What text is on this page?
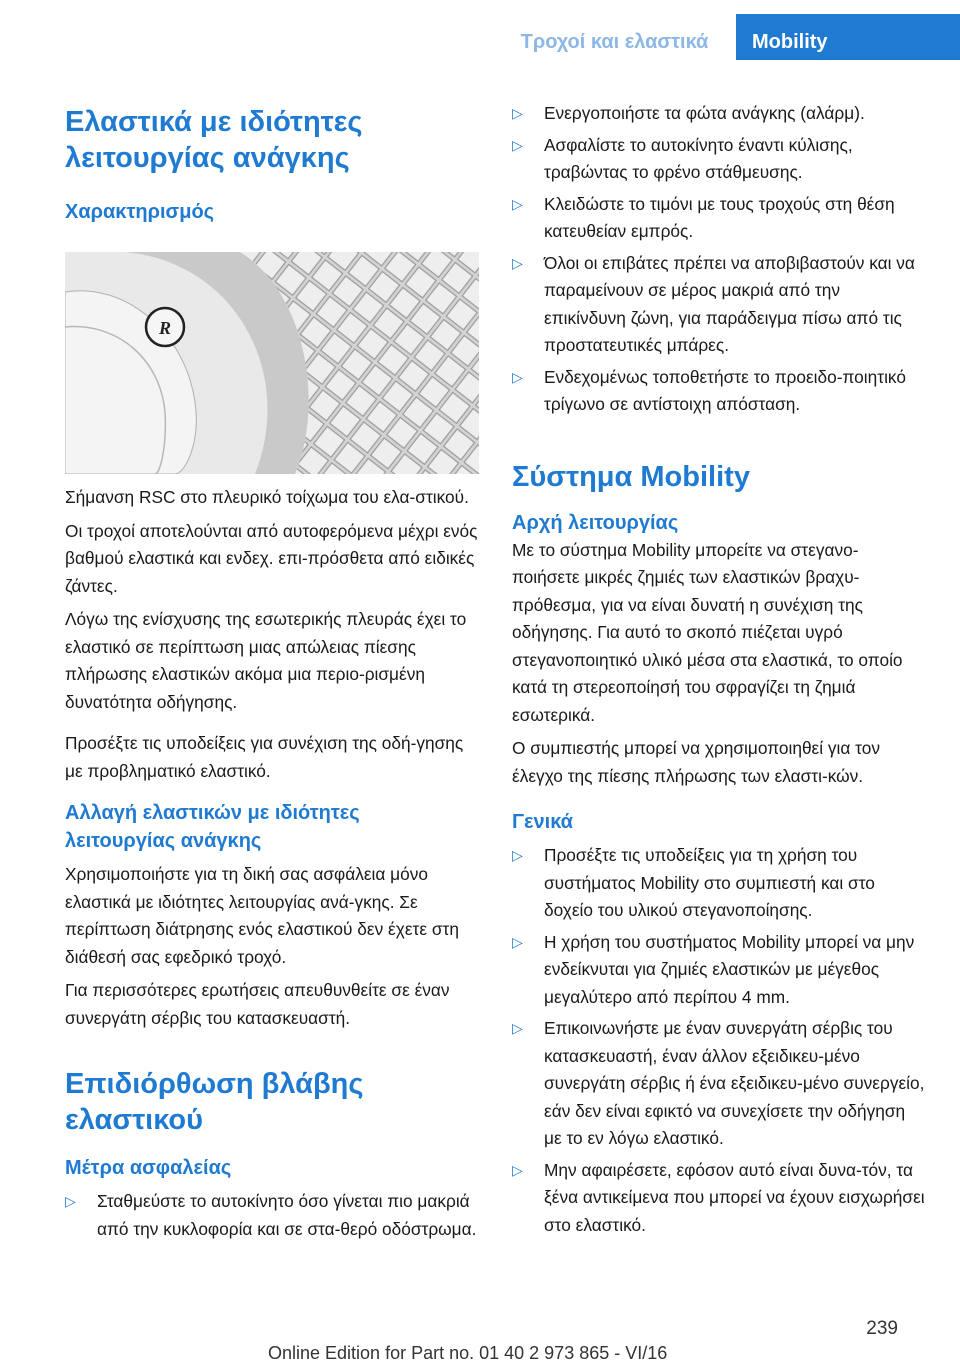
Τροχοί και ελαστικά	Mobility
Ελαστικά με ιδιότητες λειτουργίας ανάγκης
Χαρακτηρισμός
R

Σήμανση RSC στο πλευρικό τοίχωμα του ελα-στικού.

Οι τροχοί αποτελούνται από αυτοφερόμενα μέχρι ενός βαθμού ελαστικά και ενδεχ. επι-πρόσθετα από ειδικές ζάντες.

Λόγω της ενίσχυσης της εσωτερικής πλευράς έχει το ελαστικό σε περίπτωση μιας απώλειας πίεσης πλήρωσης ελαστικών ακόμα μια περιο-ρισμένη δυνατότητα οδήγησης.

Προσέξτε τις υποδείξεις για συνέχιση της οδή-γησης με προβληματικό ελαστικό.

Αλλαγή ελαστικών με ιδιότητες λειτουργίας ανάγκης

Χρησιμοποιήστε για τη δική σας ασφάλεια μόνο ελαστικά με ιδιότητες λειτουργίας ανά-γκης. Σε περίπτωση διάτρησης ενός ελαστικού δεν έχετε στη διάθεσή σας εφεδρικό τροχό.

Για περισσότερες ερωτήσεις απευθυνθείτε σε έναν συνεργάτη σέρβις του κατασκευαστή.

Επιδιόρθωση βλάβης ελαστικού
Μέτρα ασφαλείας
▷ Σταθμεύστε το αυτοκίνητο όσο γίνεται πιο μακριά από την κυκλοφορία και σε στα-θερό οδόστρωμα.
▷ Ενεργοποιήστε τα φώτα ανάγκης (αλάρμ).
▷ Ασφαλίστε το αυτοκίνητο έναντι κύλισης, τραβώντας το φρένο στάθμευσης.
▷ Κλειδώστε το τιμόνι με τους τροχούς στη θέση κατευθείαν εμπρός.
▷ Όλοι οι επιβάτες πρέπει να αποβιβαστούν και να παραμείνουν σε μέρος μακριά από την επικίνδυνη ζώνη, για παράδειγμα πίσω από τις προστατευτικές μπάρες.
▷ Ενδεχομένως τοποθετήστε το προειδο-ποιητικό τρίγωνο σε αντίστοιχη απόσταση.
Σύστημα Mobility
Αρχή λειτουργίας

Με το σύστημα Mobility μπορείτε να στεγανο-ποιήσετε μικρές ζημιές των ελαστικών βραχυ-πρόθεσμα, για να είναι δυνατή η συνέχιση της οδήγησης. Για αυτό το σκοπό πιέζεται υγρό στεγανοποιητικό υλικό μέσα στα ελαστικά, το οποίο κατά τη στερεοποίησή του σφραγίζει τη ζημιά εσωτερικά.

Ο συμπιεστής μπορεί να χρησιμοποιηθεί για τον έλεγχο της πίεσης πλήρωσης των ελαστι-κών.

Γενικά
▷ Προσέξτε τις υποδείξεις για τη χρήση του συστήματος Mobility στο συμπιεστή και στο δοχείο του υλικού στεγανοποίησης.
▷ Η χρήση του συστήματος Mobility μπορεί να μην ενδείκνυται για ζημιές ελαστικών με μέγεθος μεγαλύτερο από περίπου 4 mm.
▷ Επικοινωνήστε με έναν συνεργάτη σέρβις του κατασκευαστή, έναν άλλον εξειδικευ-μένο συνεργάτη σέρβις ή ένα εξειδικευ-μένο συνεργείο, εάν δεν είναι εφικτό να συνεχίσετε την οδήγηση με το εν λόγω ελαστικό.
▷ Μην αφαιρέσετε, εφόσον αυτό είναι δυνα-τόν, τα ξένα αντικείμενα που μπορεί να έχουν εισχωρήσει στο ελαστικό.
239
Online Edition for Part no. 01 40 2 973 865 - VI/16
